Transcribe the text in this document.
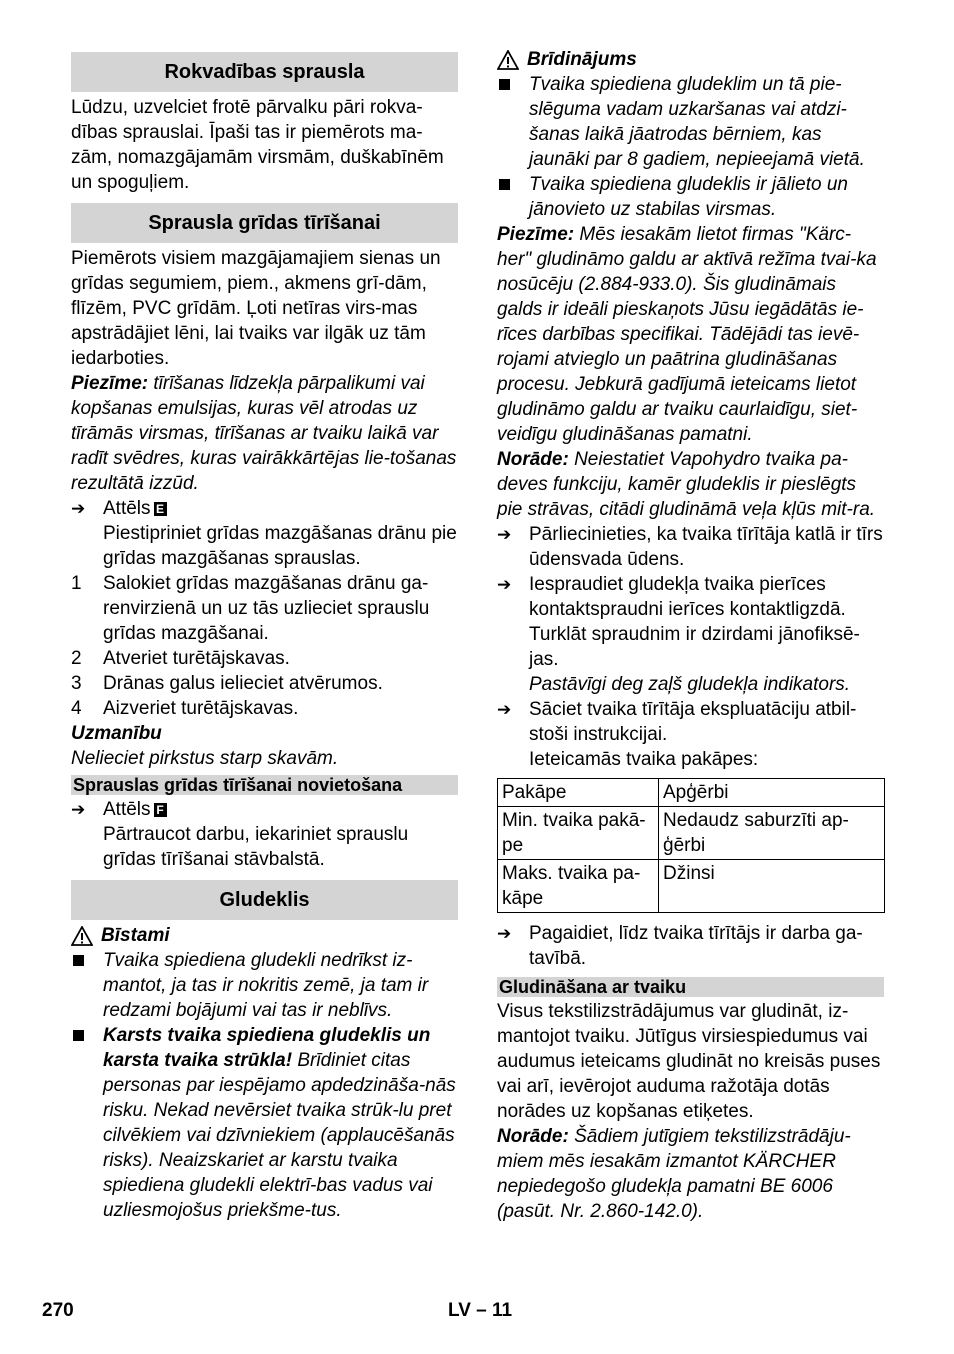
Rokvadības sprausla

Lūdzu, uzvelciet frotē pārvalku pāri rokva-dības sprauslai. Īpaši tas ir piemērots ma-zām, nomazgājamām virsmām, duškabīnēm un spoguļiem.

Sprausla grīdas tīrīšanai

Piemērots visiem mazgājamajiem sienas un grīdas segumiem, piem., akmens grī-dām, flīzēm, PVC grīdām. Ļoti netīras virs-mas apstrādājiet lēni, lai tvaiks var ilgāk uz tām iedarboties.

Piezīme: tīrīšanas līdzekļa pārpalikumi vai kopšanas emulsijas, kuras vēl atrodas uz tīrāmās virsmas, tīrīšanas ar tvaiku laikā var radīt svēdres, kuras vairākkārtējas lie-tošanas rezultātā izzūd.

➔
Attēls E
Piestipriniet grīdas mazgāšanas drānu pie grīdas mazgāšanas sprauslas.
1	Salokiet grīdas mazgāšanas drānu ga-renvirzienā un uz tās uzlieciet sprauslu grīdas mazgāšanai.
2	Atveriet turētājskavas.
3	Drānas galus ielieciet atvērumos.
4	Aizveriet turētājskavas.

Uzmanību

Nelieciet pirkstus starp skavām.

Sprauslas grīdas tīrīšanai novietošana
➔
Attēls F
Pārtraucot darbu, iekariniet sprauslu grīdas tīrīšanai stāvbalstā.
Gludeklis
Bīstami
Tvaika spiediena gludekli nedrīkst iz-mantot, ja tas ir nokritis zemē, ja tam ir redzami bojājumi vai tas ir neblīvs.
Karsts tvaika spiediena gludeklis un karsta tvaika strūkla! Brīdiniet citas personas par iespējamo apdedzināša-nās risku. Nekad nevērsiet tvaika strūk-lu pret cilvēkiem vai dzīvniekiem (applaucēšanās risks). Neaizskariet ar karstu tvaika spiediena gludekli elektrī-bas vadus vai uzliesmojošus priekšme-tus.
Brīdinājums
Tvaika spiediena gludeklim un tā pie-slēguma vadam uzkaršanas vai atdzi-šanas laikā jāatrodas bērniem, kas jaunāki par 8 gadiem, nepieejamā vietā.
Tvaika spiediena gludeklis ir jālieto un jānovieto uz stabilas virsmas.

Piezīme: Mēs iesakām lietot firmas "Kärc-her" gludināmo galdu ar aktīvā režīma tvai-ka nosūcēju (2.884-933.0). Šis gludināmais galds ir ideāli pieskaņots Jūsu iegādātās ie-rīces darbības specifikai. Tādējādi tas ievē-rojami atvieglo un paātrina gludināšanas procesu. Jebkurā gadījumā ieteicams lietot gludināmo galdu ar tvaiku caurlaidīgu, siet-veidīgu gludināšanas pamatni.

Norāde: Neiestatiet Vapohydro tvaika pa-deves funkciju, kamēr gludeklis ir pieslēgts pie strāvas, citādi gludināmā veļa kļūs mit-ra.

➔
Pārliecinieties, ka tvaika tīrītāja katlā ir tīrs ūdensvada ūdens.
➔
Iespraudiet gludekļa tvaika pierīces kontaktspraudni ierīces kontaktligzdā. Turklāt spraudnim ir dzirdami jānofiksē-jas.
Pastāvīgi deg zaļš gludekļa indikators.
➔
Sāciet tvaika tīrītāja ekspluatāciju atbil-stoši instrukcijai.
Ieteicamās tvaika pakāpes:
Pakāpe	Apģērbi
Min. tvaika pakā-pe	Nedaudz saburzīti ap-ģērbi
Maks. tvaika pa-kāpe	Džinsi
➔
Pagaidiet, līdz tvaika tīrītājs ir darba ga-tavībā.
Gludināšana ar tvaiku

Visus tekstilizstrādājumus var gludināt, iz-mantojot tvaiku. Jūtīgus virsiespiedumus vai audumus ieteicams gludināt no kreisās puses vai arī, ievērojot auduma ražotāja dotās norādes uz kopšanas etiķetes.

Norāde: Šādiem jutīgiem tekstilizstrādāju-miem mēs iesakām izmantot KÄRCHER nepiedegošo gludekļa pamatni BE 6006 (pasūt. Nr. 2.860-142.0).

270	LV – 11
